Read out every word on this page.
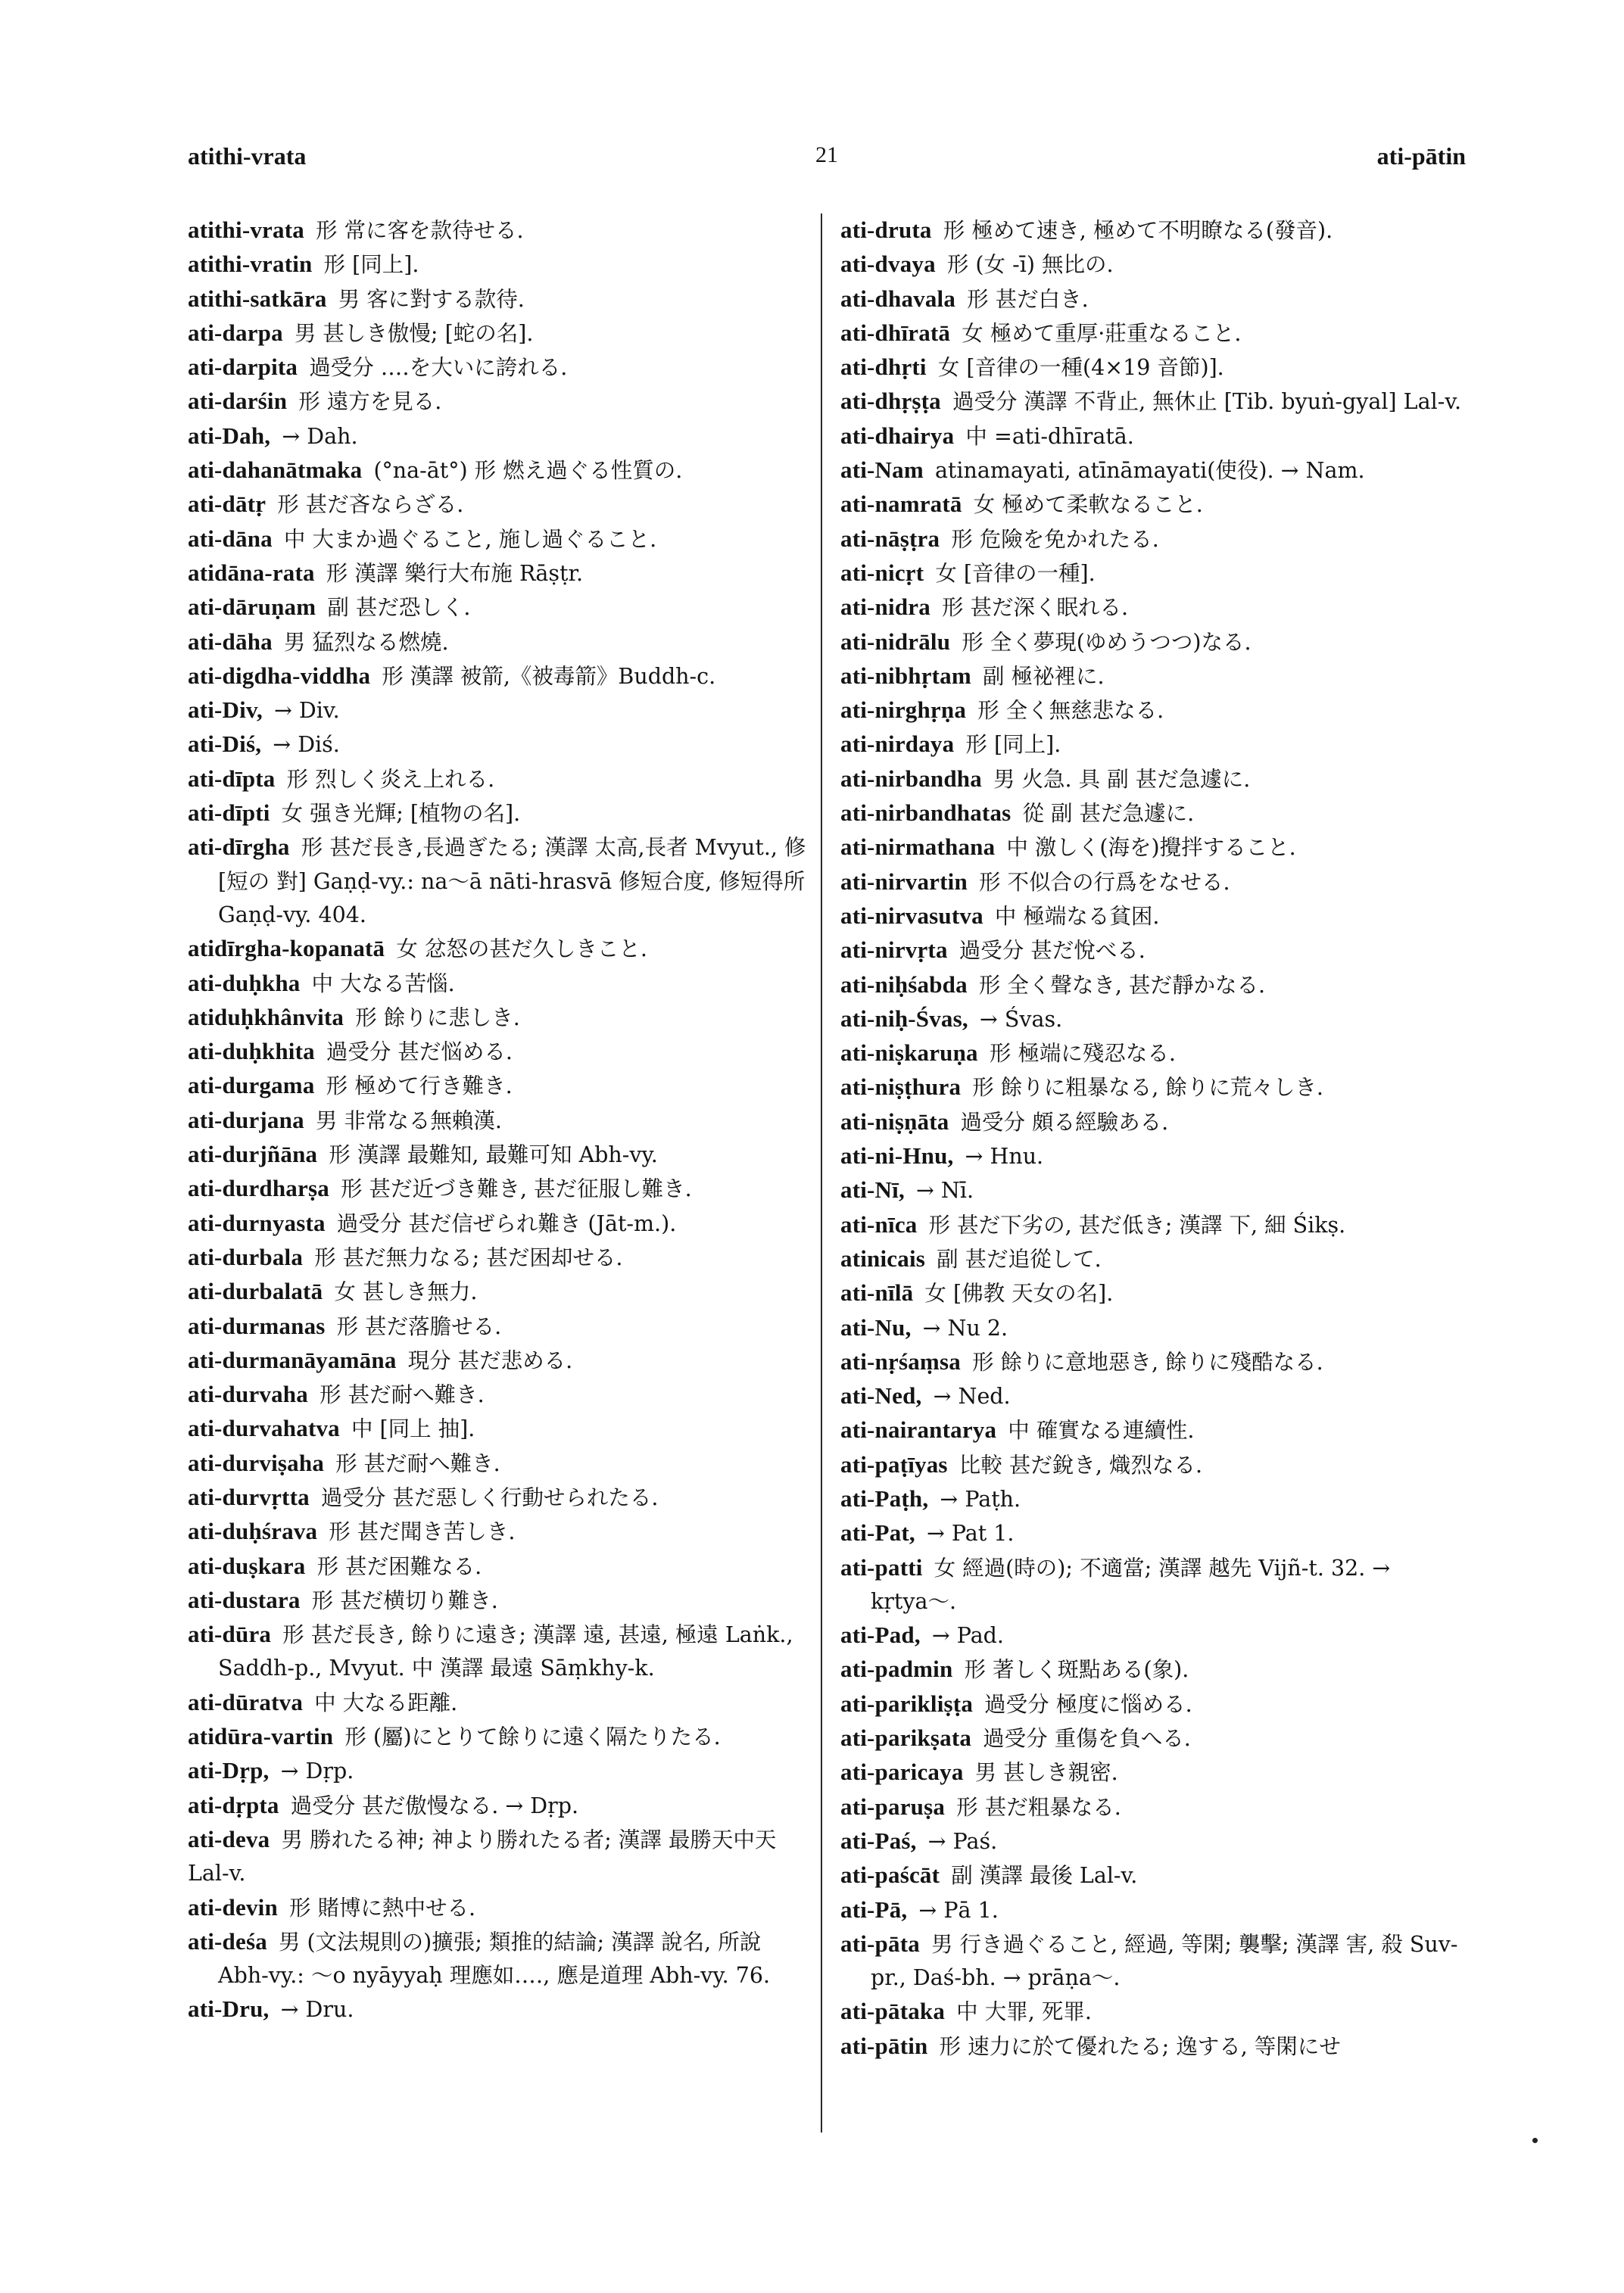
atithi-vrata	21	ati-pātin
atithi-vrata 形 常に客を款待せる.
atithi-vratin 形 [同上].
atithi-satkāra 男 客に對する款待.
ati-darpa 男 甚しき傲慢; [蛇の名].
ati-darpita 過受分 ‥‥を大いに誇れる.
ati-darśin 形 遠方を見る.
ati-Dah, → Dah.
ati-dahanātmaka (°na-āt°) 形 燃え過ぐる性質の.
ati-dātṛ 形 甚だ吝ならざる.
ati-dāna 中 大まか過ぐること, 施し過ぐること.
atidāna-rata 形 漢譯 樂行大布施 Rāṣṭr.
ati-dāruṇam 副 甚だ恐しく.
ati-dāha 男 猛烈なる燃燒.
ati-digdha-viddha 形 漢譯 被箭,《被毒箭》Buddh-c.
ati-Div, → Div.
ati-Diś, → Diś.
ati-dīpta 形 烈しく炎え上れる.
ati-dīpti 女 强き光輝; [植物の名].
ati-dīrgha 形 甚だ長き,長過ぎたる; 漢譯 太高,長者 Mvyut., 修 [短の 對] Gaṇḍ-vy.: na〜ā nāti-hrasvā 修短合度, 修短得所 Gaṇḍ-vy. 404.
atidīrgha-kopanatā 女 忿怒の甚だ久しきこと.
ati-duḥkha 中 大なる苦惱.
atiduḥkhânvita 形 餘りに悲しき.
ati-duḥkhita 過受分 甚だ悩める.
ati-durgama 形 極めて行き難き.
ati-durjana 男 非常なる無賴漢.
ati-durjñāna 形 漢譯 最難知, 最難可知 Abh-vy.
ati-durdharṣa 形 甚だ近づき難き, 甚だ征服し難き.
ati-durnyasta 過受分 甚だ信ぜられ難き (Jāt-m.).
ati-durbala 形 甚だ無力なる; 甚だ困却せる.
ati-durbalatā 女 甚しき無力.
ati-durmanas 形 甚だ落膽せる.
ati-durmanāyamāna 現分 甚だ悲める.
ati-durvaha 形 甚だ耐へ難き.
ati-durvahatva 中 [同上 抽].
ati-durviṣaha 形 甚だ耐へ難き.
ati-durvṛtta 過受分 甚だ惡しく行動せられたる.
ati-duḥśrava 形 甚だ聞き苦しき.
ati-duṣkara 形 甚だ困難なる.
ati-dustara 形 甚だ横切り難き.
ati-dūra 形 甚だ長き, 餘りに遠き; 漢譯 遠, 甚遠, 極遠 Laṅk., Saddh-p., Mvyut. 中 漢譯 最遠 Sāṃkhy-k.
ati-dūratva 中 大なる距離.
atidūra-vartin 形 (屬)にとりて餘りに遠く隔たりたる.
ati-Dṛp, → Dṛp.
ati-dṛpta 過受分 甚だ傲慢なる. → Dṛp.
ati-deva 男 勝れたる神; 神より勝れたる者; 漢譯 最勝天中天 Lal-v.
ati-devin 形 賭博に熱中せる.
ati-deśa 男 (文法規則の)擴張; 類推的結論; 漢譯 說名, 所說 Abh-vy.: 〜o nyāyyaḥ 理應如‥‥, 應是道理 Abh-vy. 76.
ati-Dru, → Dru.
ati-druta 形 極めて速き, 極めて不明瞭なる(發音).
ati-dvaya 形 (女 -ī) 無比の.
ati-dhavala 形 甚だ白き.
ati-dhīratā 女 極めて重厚·莊重なること.
ati-dhṛti 女 [音律の一種(4×19 音節)].
ati-dhṛṣṭa 過受分 漢譯 不背止, 無休止 [Tib. byuṅ-gyal] Lal-v.
ati-dhairya 中 =ati-dhīratā.
ati-Nam atinamayati, atīnāmayati(使役). → Nam.
ati-namratā 女 極めて柔軟なること.
ati-nāṣṭra 形 危險を免かれたる.
ati-nicṛt 女 [音律の一種].
ati-nidra 形 甚だ深く眠れる.
ati-nidrālu 形 全く夢現(ゆめうつつ)なる.
ati-nibhṛtam 副 極祕裡に.
ati-nirghṛṇa 形 全く無慈悲なる.
ati-nirdaya 形 [同上].
ati-nirbandha 男 火急. 具 副 甚だ急遽に.
ati-nirbandhatas 從 副 甚だ急遽に.
ati-nirmathana 中 激しく(海を)攪拌すること.
ati-nirvartin 形 不似合の行爲をなせる.
ati-nirvasutva 中 極端なる貧困.
ati-nirvṛta 過受分 甚だ悅べる.
ati-niḥśabda 形 全く聲なき, 甚だ靜かなる.
ati-niḥ-Śvas, → Śvas.
ati-niṣkaruṇa 形 極端に殘忍なる.
ati-niṣṭhura 形 餘りに粗暴なる, 餘りに荒々しき.
ati-niṣṇāta 過受分 頗る經驗ある.
ati-ni-Hnu, → Hnu.
ati-Nī, → Nī.
ati-nīca 形 甚だ下劣の, 甚だ低き; 漢譯 下, 細 Śikṣ.
atinicais 副 甚だ追從して.
ati-nīlā 女 [佛教 天女の名].
ati-Nu, → Nu 2.
ati-nṛśaṃsa 形 餘りに意地惡き, 餘りに殘酷なる.
ati-Ned, → Ned.
ati-nairantarya 中 確實なる連續性.
ati-paṭīyas 比較 甚だ銳き, 熾烈なる.
ati-Paṭh, → Paṭh.
ati-Pat, → Pat 1.
ati-patti 女 經過(時の); 不適當; 漢譯 越先 Vijñ-t. 32. → kṛtya〜.
ati-Pad, → Pad.
ati-padmin 形 著しく斑點ある(象).
ati-parikliṣṭa 過受分 極度に惱める.
ati-parikṣata 過受分 重傷を負へる.
ati-paricaya 男 甚しき親密.
ati-paruṣa 形 甚だ粗暴なる.
ati-Paś, → Paś.
ati-paścāt 副 漢譯 最後 Lal-v.
ati-Pā, → Pā 1.
ati-pāta 男 行き過ぐること, 經過, 等閑; 襲擊; 漢譯 害, 殺 Suv-pr., Daś-bh. → prāṇa〜.
ati-pātaka 中 大罪, 死罪.
ati-pātin 形 速力に於て優れたる; 逸する, 等閑にせ
